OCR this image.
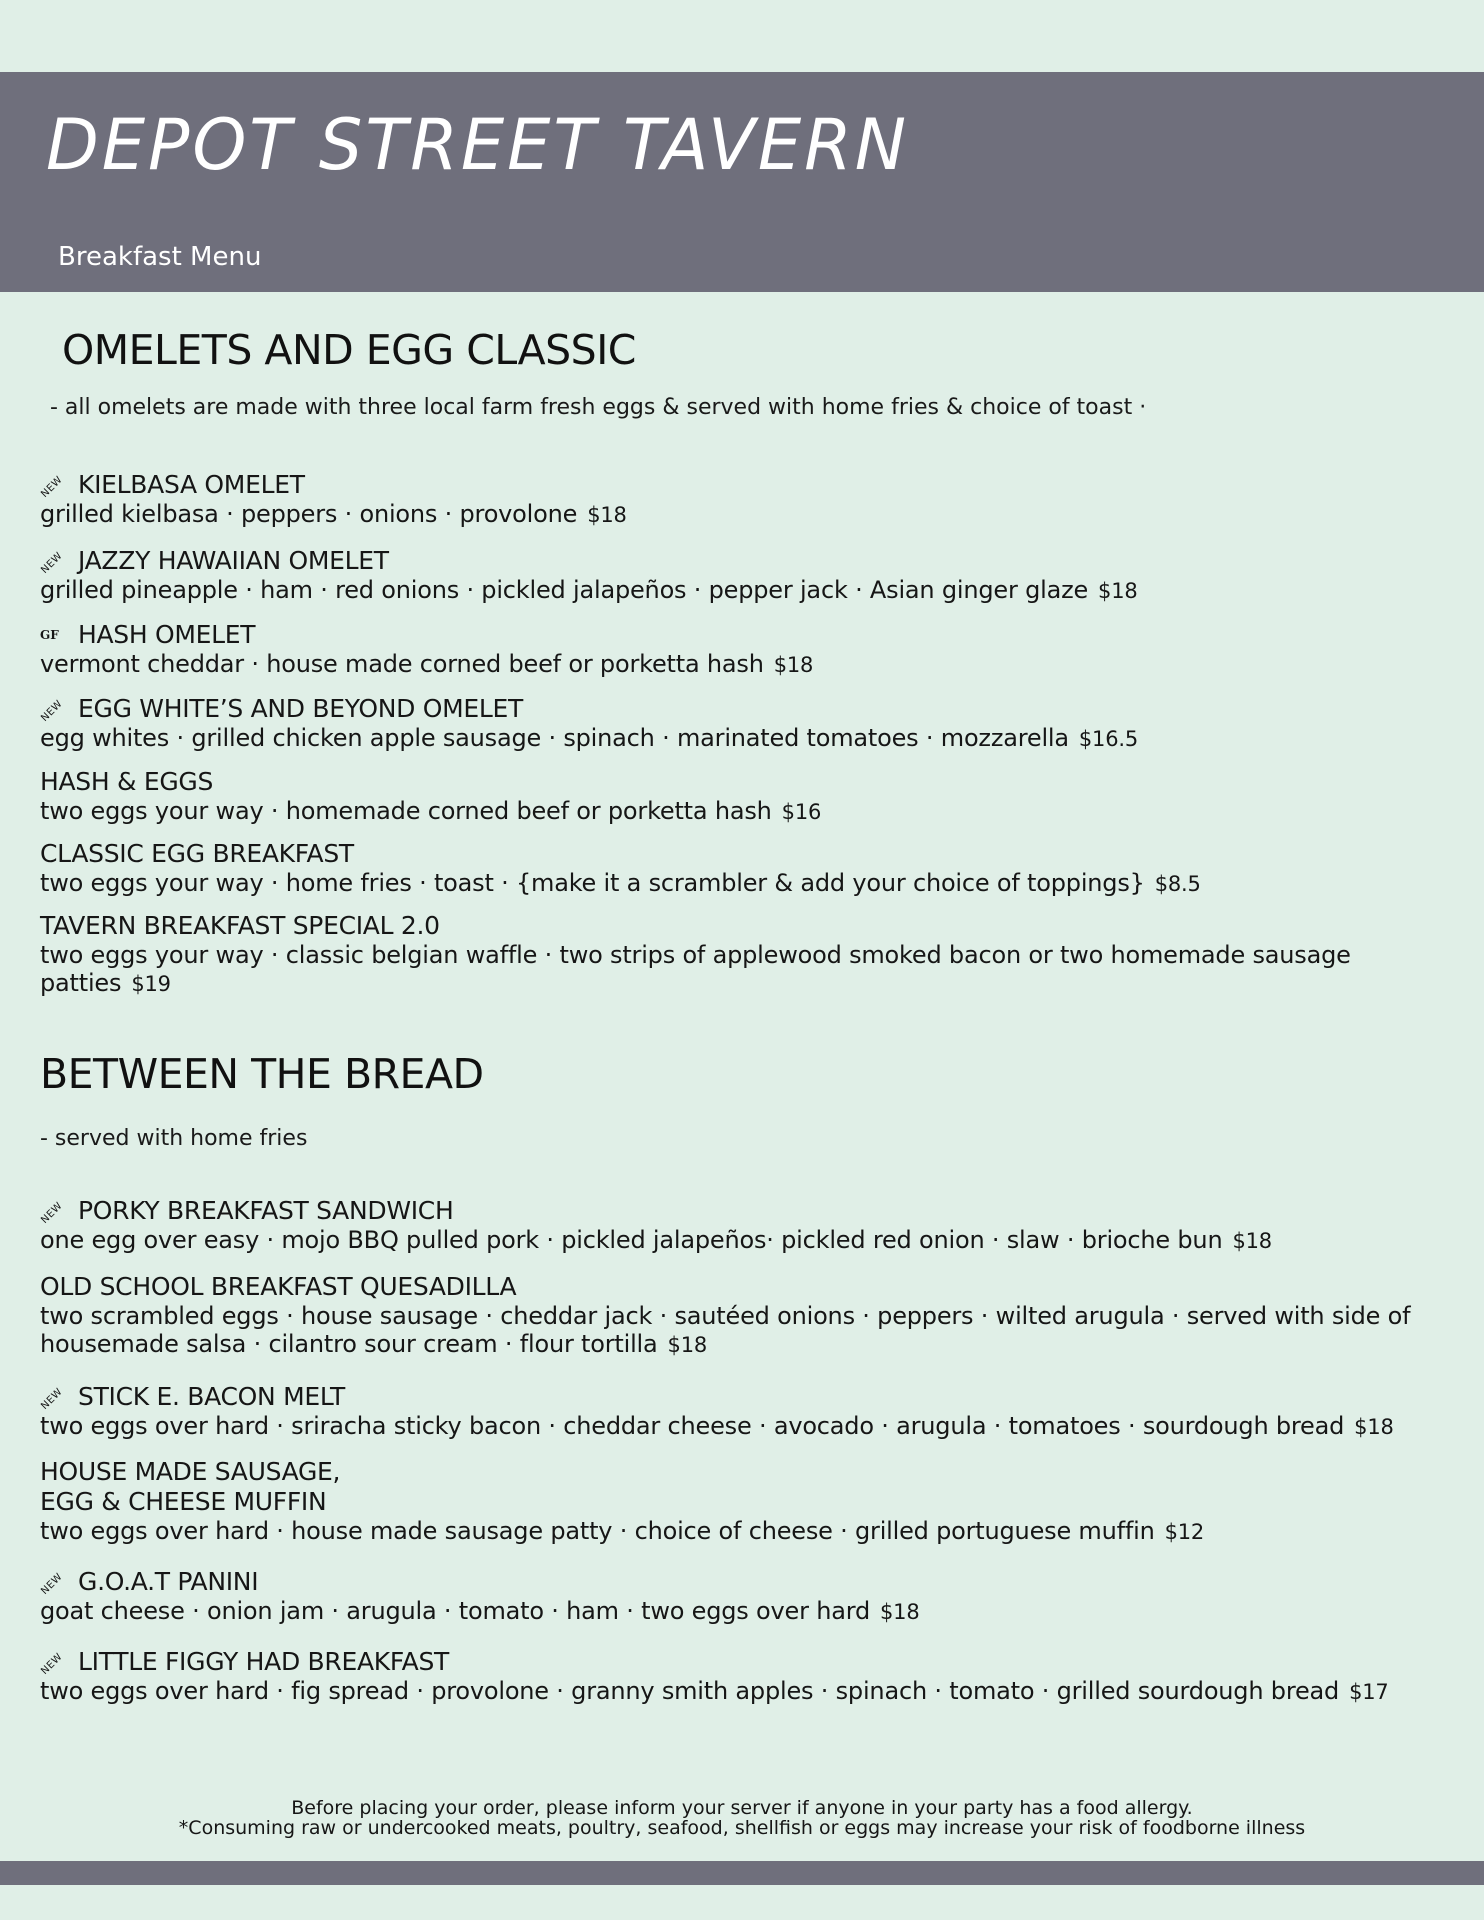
DEPOT STREET TAVERN
Breakfast Menu
OMELETS AND EGG CLASSIC
- all omelets are made with three local farm fresh eggs & served with home fries & choice of toast ·
NEW KIELBASA OMELET
grilled kielbasa · peppers · onions · provolone $18
NEW JAZZY HAWAIIAN OMELET
grilled pineapple · ham · red onions · pickled jalapeños · pepper jack · Asian ginger glaze $18
GF HASH OMELET
vermont cheddar · house made corned beef or porketta hash $18
NEW EGG WHITE’S AND BEYOND OMELET
egg whites · grilled chicken apple sausage · spinach · marinated tomatoes · mozzarella $16.5
HASH & EGGS
two eggs your way · homemade corned beef or porketta hash $16
CLASSIC EGG BREAKFAST
two eggs your way · home fries · toast · {make it a scrambler & add your choice of toppings} $8.5
TAVERN BREAKFAST SPECIAL 2.0
two eggs your way · classic belgian waffle · two strips of applewood smoked bacon or two homemade sausage patties $19
BETWEEN THE BREAD
- served with home fries
NEW PORKY BREAKFAST SANDWICH
one egg over easy · mojo BBQ pulled pork · pickled jalapeños· pickled red onion · slaw · brioche bun $18
OLD SCHOOL BREAKFAST QUESADILLA
two scrambled eggs · house sausage · cheddar jack · sautéed onions · peppers · wilted arugula · served with side of housemade salsa · cilantro sour cream · flour tortilla $18
NEW STICK E. BACON MELT
two eggs over hard · sriracha sticky bacon · cheddar cheese · avocado · arugula · tomatoes · sourdough bread $18
HOUSE MADE SAUSAGE,
EGG & CHEESE MUFFIN
two eggs over hard · house made sausage patty · choice of cheese · grilled portuguese muffin $12
NEW G.O.A.T PANINI
goat cheese · onion jam · arugula · tomato · ham · two eggs over hard $18
NEW LITTLE FIGGY HAD BREAKFAST
two eggs over hard · fig spread · provolone · granny smith apples · spinach · tomato · grilled sourdough bread $17
Before placing your order, please inform your server if anyone in your party has a food allergy.
*Consuming raw or undercooked meats, poultry, seafood, shellfish or eggs may increase your risk of foodborne illness
